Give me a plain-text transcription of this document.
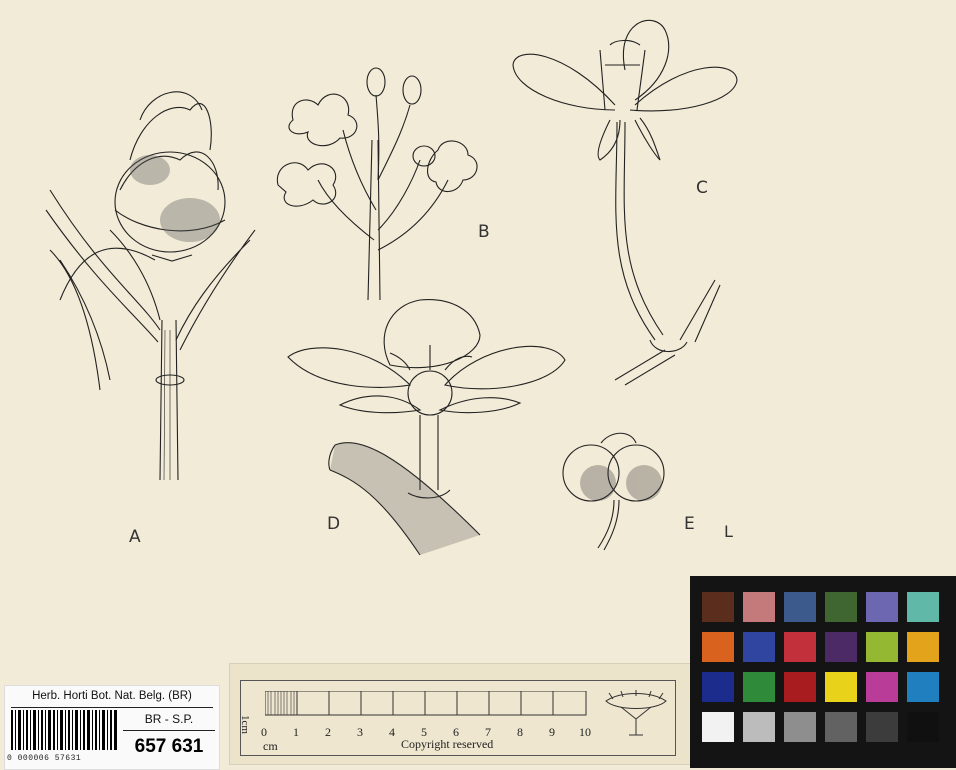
B
C
D
A
E L
Herb. Horti Bot. Nat. Belg. (BR)
0 000006 57631
BR - S.P.
657 631
1cm 0 1 2 3 4 5 6 7 8 9 10
cm	Copyright reserved
